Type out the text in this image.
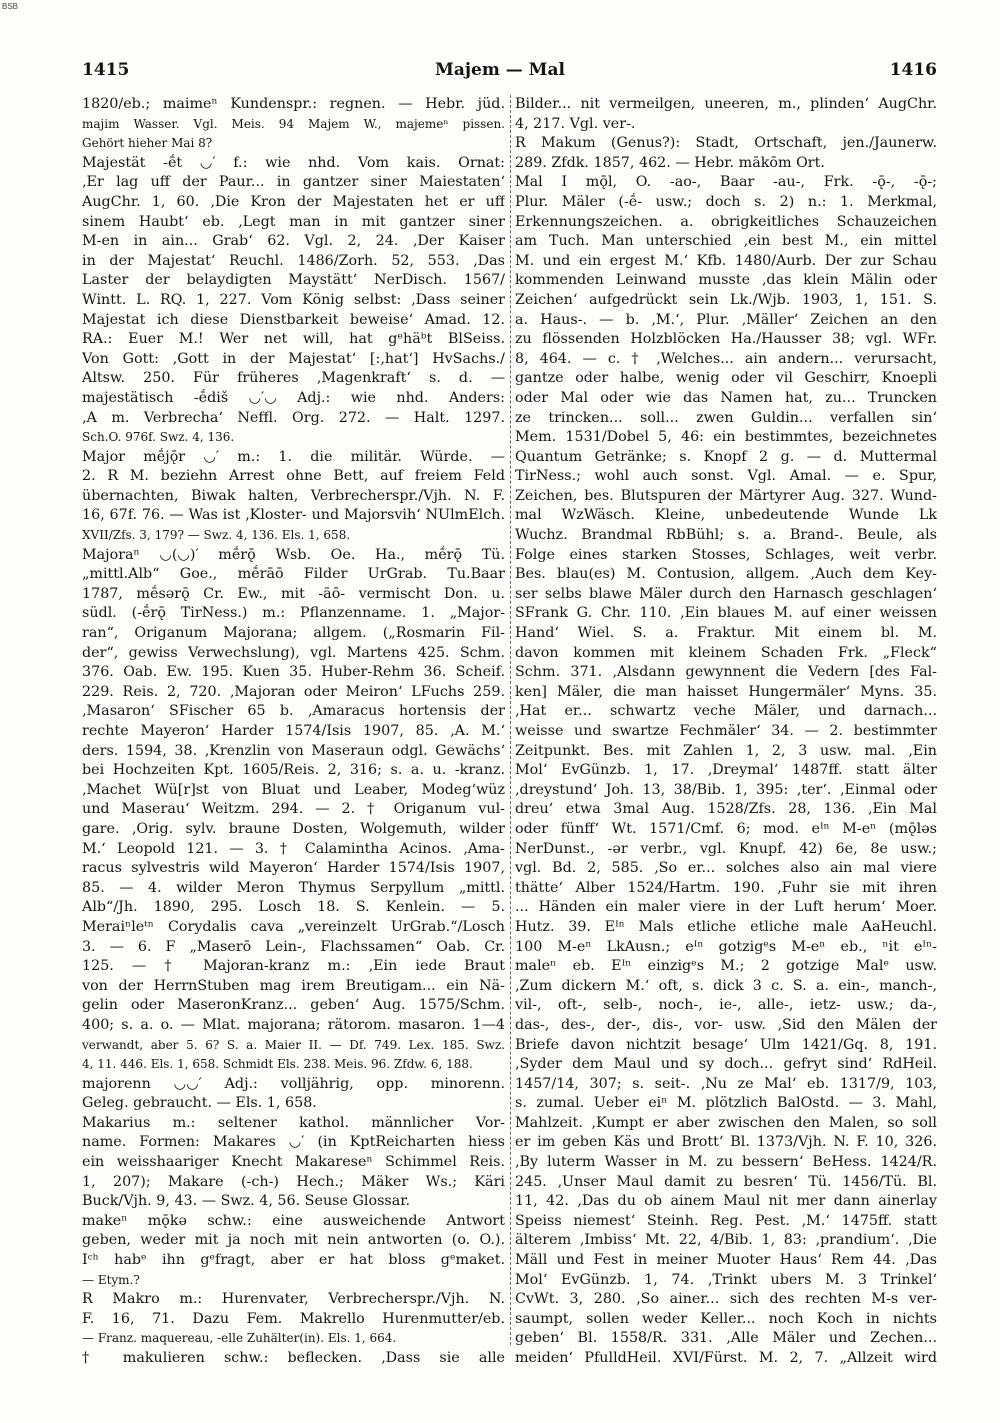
BSB
1415	Majem — Mal	1416
1820/eb.; maimeⁿ Kundenspr.: regnen. — Hebr. jüd.
majim Wasser. Vgl. Meis. 94 Majem W., majemeⁿ pissen.
Gehört hieher Mai 8?
Majestät -ḗt ◡′ f.: wie nhd. Vom kais. Ornat:
‚Er lag uff der Paur... in gantzer siner Maiestaten‘
AugChr. 1, 60. ‚Die Kron der Majestaten het er uff
sinem Haubt‘ eb. ‚Legt man in mit gantzer siner
M-en in ain... Grab‘ 62. Vgl. 2, 24. ‚Der Kaiser
in der Majestat‘ Reuchl. 1486/Zorh. 52, 553. ‚Das
Laster der belaydigten Maystätt‘ NerDisch. 1567/
Wintt. L. RQ. 1, 227. Vom König selbst: ‚Dass seiner
Majestat ich diese Dienstbarkeit beweise‘ Amad. 12.
RA.: Euer M.! Wer net will, hat gᵉhäᵇt BlSeiss.
Von Gott: ‚Gott in der Majestat‘ [:‚hat‘] HvSachs./
Altsw. 250. Für früheres ‚Magenkraft‘ s. d. —
majestätisch -ḗdiš ◡′◡ Adj.: wie nhd. Anders:
‚A m. Verbrecha‘ Neffl. Org. 272. — Halt. 1297.
Sch.O. 976f. Swz. 4, 136.
Major mḗjǭr ◡′ m.: 1. die militär. Würde. —
2. R M. beziehn Arrest ohne Bett, auf freiem Feld
übernachten, Biwak halten, Verbrecherspr./Vjh. N. F.
16, 67f. 76. — Was ist ‚Kloster- und Majorsvih‘ NUlmElch.
XVII/Zfs. 3, 179? — Swz. 4, 136. Els. 1, 658.
Majoraⁿ ◡(◡)′ mḗrǭ Wsb. Oe. Ha., mḗrǭ Tü.
„mittl.Alb“ Goe., mḗrāō Filder UrGrab. Tu.Baar
1787, mḗsərǭ Cr. Ew., mit -āō- vermischt Don. u.
südl. (-ḗrǭ TirNess.) m.: Pflanzenname. 1. „Major-
ran“, Origanum Majorana; allgem. („Rosmarin Fil-
der“, gewiss Verwechslung), vgl. Martens 425. Schm.
376. Oab. Ew. 195. Kuen 35. Huber-Rehm 36. Scheif.
229. Reis. 2, 720. ‚Majoran oder Meiron‘ LFuchs 259.
‚Masaron‘ SFischer 65 b. ‚Amaracus hortensis der
rechte Mayeron‘ Harder 1574/Isis 1907, 85. ‚A. M.‘
ders. 1594, 38. ‚Krenzlin von Maseraun odgl. Gewächs‘
bei Hochzeiten Kpt. 1605/Reis. 2, 316; s. a. u. -kranz.
‚Machet Wü[r]st von Bluat und Leaber, Modeg‘wüz
und Maserau‘ Weitzm. 294. — 2. † Origanum vul-
gare. ‚Orig. sylv. braune Dosten, Wolgemuth, wilder
M.‘ Leopold 121. — 3. † Calamintha Acinos. ‚Ama-
racus sylvestris wild Mayeron‘ Harder 1574/Isis 1907,
85. — 4. wilder Meron Thymus Serpyllum „mittl.
Alb“/Jh. 1890, 295. Losch 18. S. Kenlein. — 5.
Meraiⁿleᵗⁿ Corydalis cava „vereinzelt UrGrab.“/Losch
3. — 6. F „Maserō Lein-, Flachssamen“ Oab. Cr.
125. — † Majoran-kranz m.: ‚Ein iede Braut
von der HerrnStuben mag irem Breutigam... ein Nä-
gelin oder MaseronKranz... geben‘ Aug. 1575/Schm.
400; s. a. o. — Mlat. majorana; rätorom. masaron. 1—4
verwandt, aber 5. 6? S. a. Maier II. — Df. 749. Lex. 185. Swz.
4, 11. 446. Els. 1, 658. Schmidt Els. 238. Meis. 96. Zfdw. 6, 188.
majorenn ◡◡′ Adj.: volljährig, opp. minorenn.
Geleg. gebraucht. — Els. 1, 658.
Makarius m.: seltener kathol. männlicher Vor-
name. Formen: Makares ◡′ (in KptReicharten hiess
ein weisshaariger Knecht Makareseⁿ Schimmel Reis.
1, 207); Makare (-ch-) Hech.; Mäker Ws.; Käri
Buck/Vjh. 9, 43. — Swz. 4, 56. Seuse Glossar.
makeⁿ mǭkə schw.: eine ausweichende Antwort
geben, weder mit ja noch mit nein antworten (o. O.).
Iᶜʰ habᵉ ihn gᵉfragt, aber er hat bloss gᵉmaket.
— Etym.?
R Makro m.: Hurenvater, Verbrecherspr./Vjh. N.
F. 16, 71. Dazu Fem. Makrello Hurenmutter/eb.
— Franz. maquereau, -elle Zuhälter(in). Els. 1, 664.
† makulieren schw.: beflecken. ‚Dass sie alle
Bilder... nit vermeilgen, uneeren, m., plinden‘ AugChr.
4, 217. Vgl. ver-.
R Makum (Genus?): Stadt, Ortschaft, jen./Jaunerw.
289. Zfdk. 1857, 462. — Hebr. mākōm Ort.
Mal I mǭl, O. -ao-, Baar -au-, Frk. -ǭ-, -ǭ-;
Plur. Mäler (-ḗ- usw.; doch s. 2) n.: 1. Merkmal,
Erkennungszeichen. a. obrigkeitliches Schauzeichen
am Tuch. Man unterschied ‚ein best M., ein mittel
M. und ein ergest M.‘ Kfb. 1480/Aurb. Der zur Schau
kommenden Leinwand musste ‚das klein Mälin oder
Zeichen‘ aufgedrückt sein Lk./Wjb. 1903, 1, 151. S.
a. Haus-. — b. ‚M.‘, Plur. ‚Mäller‘ Zeichen an den
zu flössenden Holzblöcken Ha./Hausser 38; vgl. WFr.
8, 464. — c. † ‚Welches... ain andern... verursacht,
gantze oder halbe, wenig oder vil Geschirr, Knoepli
oder Mal oder wie das Namen hat, zu... Truncken
ze trincken... soll... zwen Guldin... verfallen sin‘
Mem. 1531/Dobel 5, 46: ein bestimmtes, bezeichnetes
Quantum Getränke; s. Knopf 2 g. — d. Muttermal
TirNess.; wohl auch sonst. Vgl. Amal. — e. Spur,
Zeichen, bes. Blutspuren der Märtyrer Aug. 327. Wund-
mal WzWäsch. Kleine, unbedeutende Wunde Lk
Wuchz. Brandmal RbBühl; s. a. Brand-. Beule, als
Folge eines starken Stosses, Schlages, weit verbr.
Bes. blau(es) M. Contusion, allgem. ‚Auch dem Key-
ser selbs blawe Mäler durch den Harnasch geschlagen‘
SFrank G. Chr. 110. ‚Ein blaues M. auf einer weissen
Hand‘ Wiel. S. a. Fraktur. Mit einem bl. M.
davon kommen mit kleinem Schaden Frk. „Fleck“
Schm. 371. ‚Alsdann gewynnent die Vedern [des Fal-
ken] Mäler, die man haisset Hungermäler‘ Myns. 35.
‚Hat er... schwartz veche Mäler, und darnach...
weisse und swartze Fechmäler‘ 34. — 2. bestimmter
Zeitpunkt. Bes. mit Zahlen 1, 2, 3 usw. mal. ‚Ein
Mol‘ EvGünzb. 1, 17. ‚Dreymal‘ 1487ff. statt älter
‚dreystund‘ Joh. 13, 38/Bib. 1, 395: ‚ter‘. ‚Einmal oder
dreu‘ etwa 3mal Aug. 1528/Zfs. 28, 136. ‚Ein Mal
oder fünff‘ Wt. 1571/Cmf. 6; mod. eᴵⁿ M-eⁿ (mǭləs
NerDunst., -ər verbr., vgl. Knupf. 42) 6e, 8e usw.;
vgl. Bd. 2, 585. ‚So er... solches also ain mal viere
thätte‘ Alber 1524/Hartm. 190. ‚Fuhr sie mit ihren
... Händen ein maler viere in der Luft herum‘ Moer.
Hutz. 39. Eᴵⁿ Mals etliche etliche male AaHeuchl.
100 M-eⁿ LkAusn.; eᴵⁿ gotzigᵉs M-eⁿ eb., ⁿit eᴵⁿ-
maleⁿ eb. Eᴵⁿ einzigᵉs M.; 2 gotzige Malᵉ usw.
‚Zum dickern M.‘ oft, s. dick 3 c. S. a. ein-, manch-,
vil-, oft-, selb-, noch-, ie-, alle-, ietz- usw.; da-,
das-, des-, der-, dis-, vor- usw. ‚Sid den Mälen der
Briefe davon nichtzit besage‘ Ulm 1421/Gq. 8, 191.
‚Syder dem Maul und sy doch... gefryt sind‘ RdHeil.
1457/14, 307; s. seit-. ‚Nu ze Mal‘ eb. 1317/9, 103,
s. zumal. Ueber eiⁿ M. plötzlich BalOstd. — 3. Mahl,
Mahlzeit. ‚Kumpt er aber zwischen den Malen, so soll
er im geben Käs und Brott‘ Bl. 1373/Vjh. N. F. 10, 326.
‚By luterm Wasser in M. zu bessern‘ BeHess. 1424/R.
245. ‚Unser Maul damit zu besren‘ Tü. 1456/Tü. Bl.
11, 42. ‚Das du ob ainem Maul nit mer dann ainerlay
Speiss niemest‘ Steinh. Reg. Pest. ‚M.‘ 1475ff. statt
älterem ‚Imbiss‘ Mt. 22, 4/Bib. 1, 83: ‚prandium‘. ‚Die
Mäll und Fest in meiner Muoter Haus‘ Rem 44. ‚Das
Mol‘ EvGünzb. 1, 74. ‚Trinkt ubers M. 3 Trinkel‘
CvWt. 3, 280. ‚So ainer... sich des rechten M-s ver-
saumpt, sollen weder Keller... noch Koch in nichts
geben‘ Bl. 1558/R. 331. ‚Alle Mäler und Zechen...
meiden‘ PfulldHeil. XVI/Fürst. M. 2, 7. „Allzeit wird
